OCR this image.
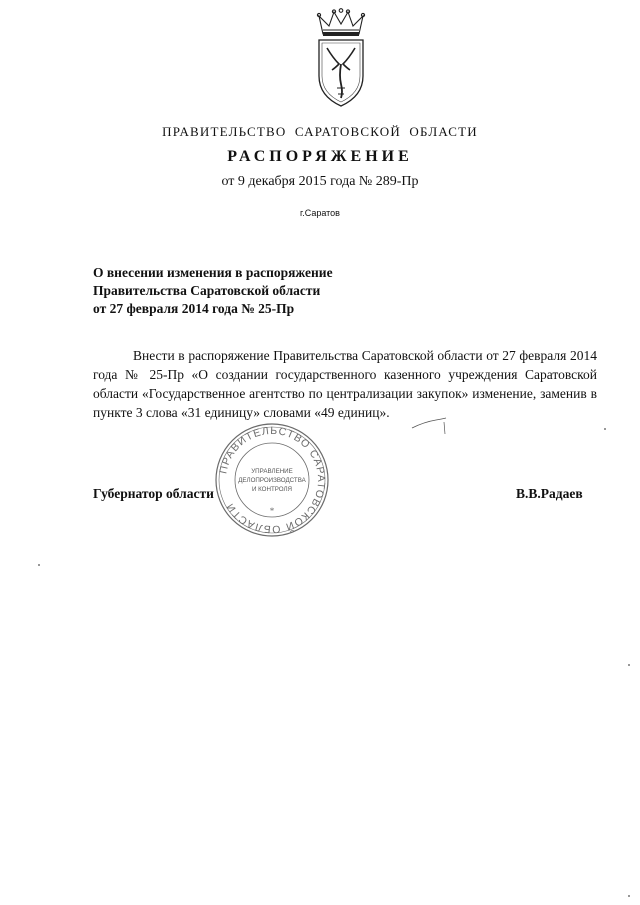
ПРАВИТЕЛЬСТВО САРАТОВСКОЙ ОБЛАСТИ
РАСПОРЯЖЕНИЕ
от 9 декабря 2015 года № 289-Пр
г.Саратов
О внесении изменения в распоряжение
Правительства Саратовской области
от 27 февраля 2014 года № 25-Пр
Внести в распоряжение Правительства Саратовской области от 27 февраля 2014 года № 25-Пр «О создании государственного казенного учреждения Саратовской области «Государственное агентство по централизации закупок» изменение, заменив в пункте 3 слова «31 единицу» словами «49 единиц».
Губернатор области	В.В.Радаев
ПРАВИТЕЛЬСТВО САРАТОВСКОЙ ОБЛАСТИ
УПРАВЛЕНИЕ
ДЕЛОПРОИЗВОДСТВА
И КОНТРОЛЯ
*
